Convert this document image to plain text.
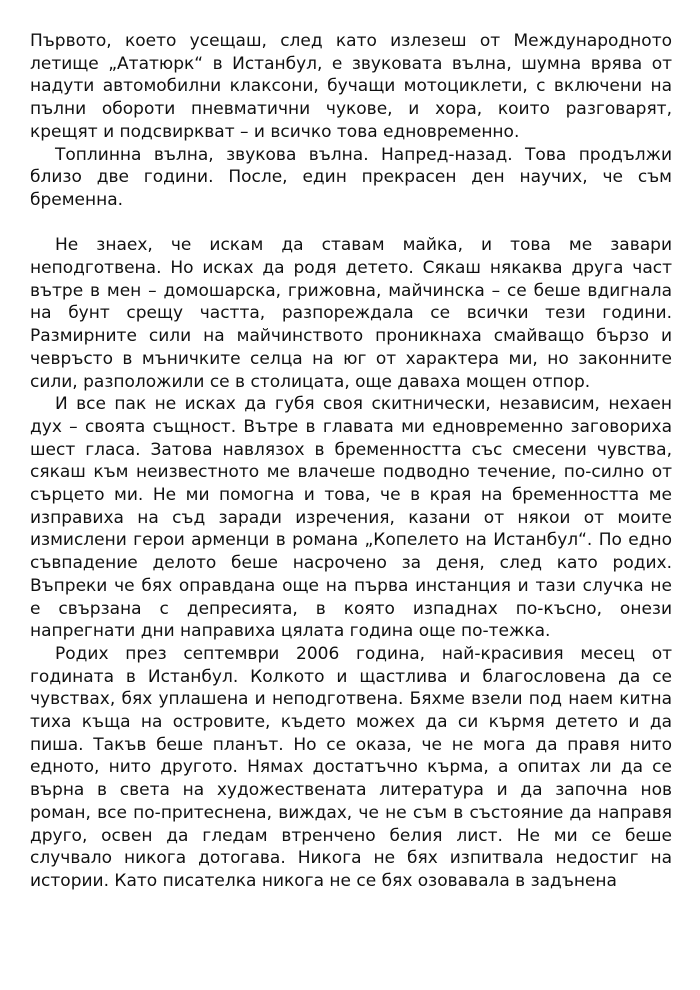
Първото, което усещаш, след като излезеш от Международното летище „Ататюрк“ в Истанбул, е звуковата вълна, шумна врява от надути автомобилни клаксони, бучащи мотоциклети, с включени на пълни обороти пневматични чукове, и хора, които разговарят, крещят и подсвиркват – и всичко това едновременно.

Топлинна вълна, звукова вълна. Напред-назад. Това продължи близо две години. После, един прекрасен ден научих, че съм бременна.

Не знаех, че искам да ставам майка, и това ме завари неподготвена. Но исках да родя детето. Сякаш някаква друга част вътре в мен – домошарска, грижовна, майчинска – се беше вдигнала на бунт срещу частта, разпореждала се всички тези години. Размирните сили на майчинството проникнаха смайващо бързо и чевръсто в мъничките селца на юг от характера ми, но законните сили, разположили се в столицата, още даваха мощен отпор.

И все пак не исках да губя своя скитнически, независим, нехаен дух – своята същност. Вътре в главата ми едновременно заговориха шест гласа. Затова навлязох в бременността със смесени чувства, сякаш към неизвестното ме влачеше подводно течение, по-силно от сърцето ми. Не ми помогна и това, че в края на бременността ме изправиха на съд заради изречения, казани от някои от моите измислени герои арменци в романа „Копелето на Истанбул“. По едно съвпадение делото беше насрочено за деня, след като родих. Въпреки че бях оправдана още на първа инстанция и тази случка не е свързана с депресията, в която изпаднах по-късно, онези напрегнати дни направиха цялата година още по-тежка.

Родих през септември 2006 година, най-красивия месец от годината в Истанбул. Колкото и щастлива и благословена да се чувствах, бях уплашена и неподготвена. Бяхме взели под наем китна тиха къща на островите, където можех да си кърмя детето и да пиша. Такъв беше планът. Но се оказа, че не мога да правя нито едното, нито другото. Нямах достатъчно кърма, а опитах ли да се върна в света на художествената литература и да започна нов роман, все по-притеснена, виждах, че не съм в състояние да направя друго, освен да гледам втренчено белия лист. Не ми се беше случвало никога дотогава. Никога не бях изпитвала недостиг на истории. Като писателка никога не се бях озовавала в задънена
